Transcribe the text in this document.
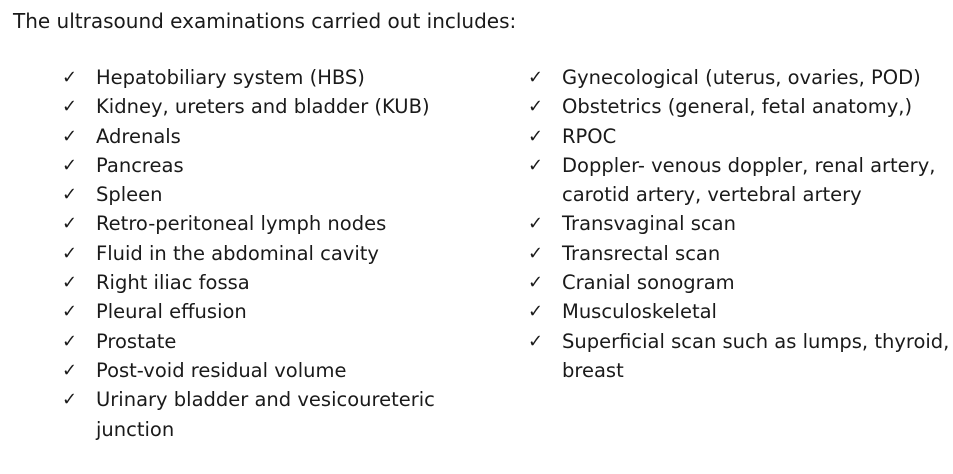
The ultrasound examinations carried out includes:
✓ Hepatobiliary system (HBS)
✓ Kidney, ureters and bladder (KUB)
✓ Adrenals
✓ Pancreas
✓ Spleen
✓ Retro-peritoneal lymph nodes
✓ Fluid in the abdominal cavity
✓ Right iliac fossa
✓ Pleural effusion
✓ Prostate
✓ Post-void residual volume
✓ Urinary bladder and vesicoureteric
junction
✓ Gynecological (uterus, ovaries, POD)
✓ Obstetrics (general, fetal anatomy,)
✓ RPOC
✓ Doppler- venous doppler, renal artery,
carotid artery, vertebral artery
✓ Transvaginal scan
✓ Transrectal scan
✓ Cranial sonogram
✓ Musculoskeletal
✓ Superficial scan such as lumps, thyroid,
breast
